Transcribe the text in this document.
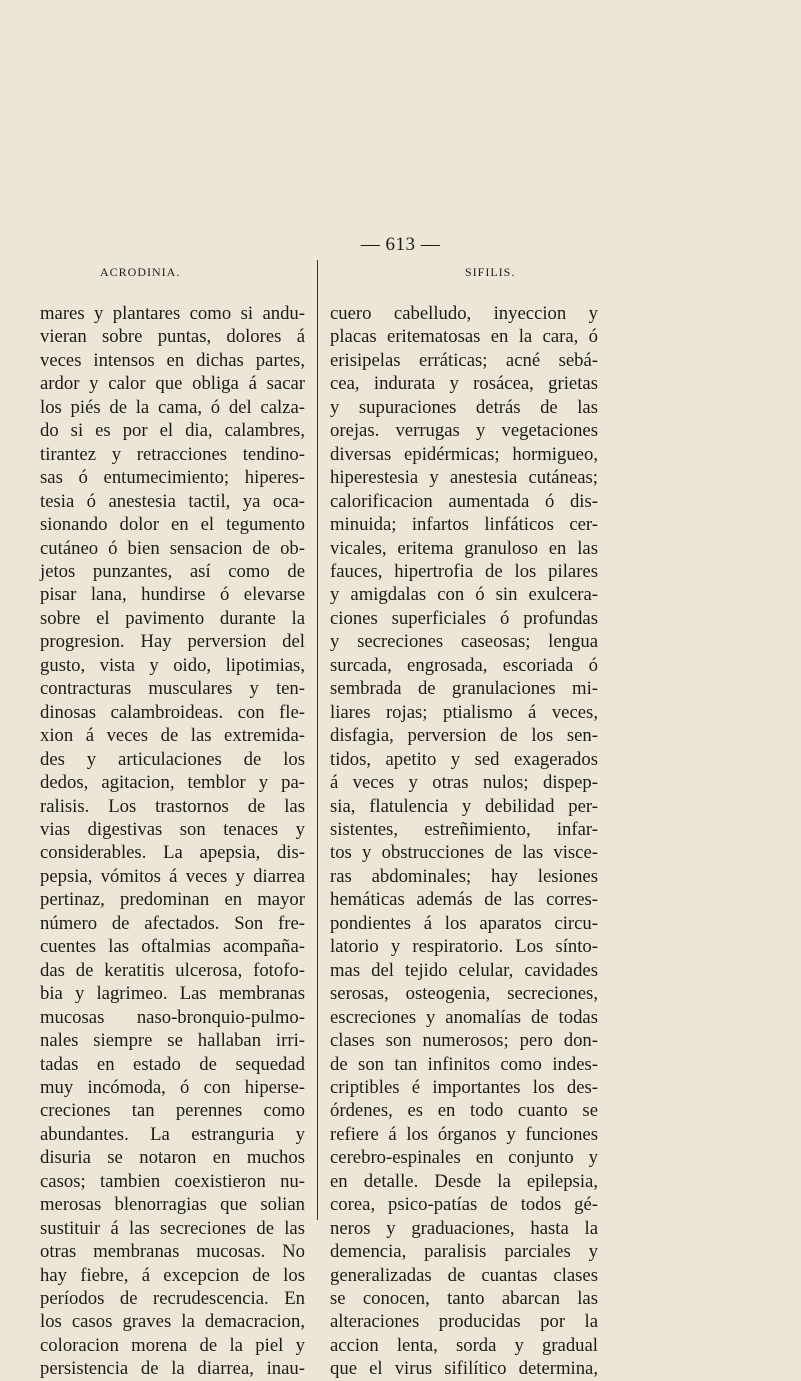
— 613 —
ACRODINIA.	SIFILIS.
mares y plantares como si andu-
vieran sobre puntas, dolores á
veces intensos en dichas partes,
ardor y calor que obliga á sacar
los piés de la cama, ó del calza-
do si es por el dia, calambres,
tirantez y retracciones tendino-
sas ó entumecimiento; hiperes-
tesia ó anestesia tactil, ya oca-
sionando dolor en el tegumento
cutáneo ó bien sensacion de ob-
jetos punzantes, así como de
pisar lana, hundirse ó elevarse
sobre el pavimento durante la
progresion. Hay perversion del
gusto, vista y oido, lipotimias,
contracturas musculares y ten-
dinosas calambroideas. con fle-
xion á veces de las extremida-
des y articulaciones de los
dedos, agitacion, temblor y pa-
ralisis. Los trastornos de las
vias digestivas son tenaces y
considerables. La apepsia, dis-
pepsia, vómitos á veces y diarrea
pertinaz, predominan en mayor
número de afectados. Son fre-
cuentes las oftalmias acompaña-
das de keratitis ulcerosa, fotofo-
bia y lagrimeo. Las membranas
mucosas naso-bronquio-pulmo-
nales siempre se hallaban irri-
tadas en estado de sequedad
muy incómoda, ó con hiperse-
creciones tan perennes como
abundantes. La estranguria y
disuria se notaron en muchos
casos; tambien coexistieron nu-
merosas blenorragias que solian
sustituir á las secreciones de las
otras membranas mucosas. No
hay fiebre, á excepcion de los
períodos de recrudescencia. En
los casos graves la demacracion,
coloracion morena de la piel y
persistencia de la diarrea, inau-
cuero cabelludo, inyeccion y
placas eritematosas en la cara, ó
erisipelas erráticas; acné sebá-
cea, indurata y rosácea, grietas
y supuraciones detrás de las
orejas. verrugas y vegetaciones
diversas epidérmicas; hormigueo,
hiperestesia y anestesia cutáneas;
calorificacion aumentada ó dis-
minuida; infartos linfáticos cer-
vicales, eritema granuloso en las
fauces, hipertrofia de los pilares
y amigdalas con ó sin exulcera-
ciones superficiales ó profundas
y secreciones caseosas; lengua
surcada, engrosada, escoriada ó
sembrada de granulaciones mi-
liares rojas; ptialismo á veces,
disfagia, perversion de los sen-
tidos, apetito y sed exagerados
á veces y otras nulos; dispep-
sia, flatulencia y debilidad per-
sistentes, estreñimiento, infar-
tos y obstrucciones de las visce-
ras abdominales; hay lesiones
hemáticas además de las corres-
pondientes á los aparatos circu-
latorio y respiratorio. Los sínto-
mas del tejido celular, cavidades
serosas, osteogenia, secreciones,
escreciones y anomalías de todas
clases son numerosos; pero don-
de son tan infinitos como indes-
criptibles é importantes los des-
órdenes, es en todo cuanto se
refiere á los órganos y funciones
cerebro-espinales en conjunto y
en detalle. Desde la epilepsia,
corea, psico-patías de todos gé-
neros y graduaciones, hasta la
demencia, paralisis parciales y
generalizadas de cuantas clases
se conocen, tanto abarcan las
alteraciones producidas por la
accion lenta, sorda y gradual
que el virus sifilítico determina,
